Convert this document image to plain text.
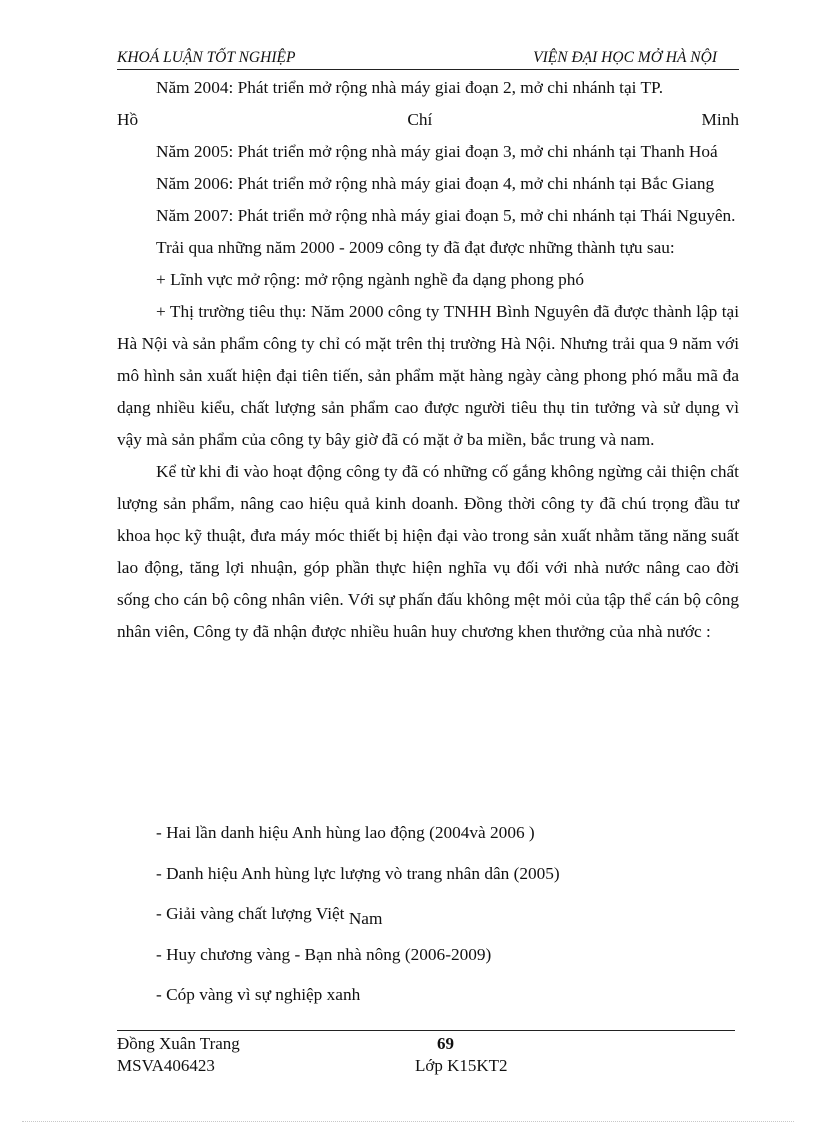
KHOÁ LUẬN TỐT NGHIỆP	VIỆN ĐẠI HỌC MỞ HÀ NỘI

Năm 2004: Phát triển mở rộng nhà máy giai đoạn 2, mở chi nhánh tại TP.

Hồ	Chí	Minh

Năm 2005: Phát triển mở rộng nhà máy giai đoạn 3, mở chi nhánh tại Thanh Hoá

Năm 2006: Phát triển mở rộng nhà máy giai đoạn 4, mở chi nhánh tại Bắc Giang

Năm 2007: Phát triển mở rộng nhà máy giai đoạn 5, mở chi nhánh tại Thái Nguyên.

Trải qua những năm 2000 - 2009 công ty đã đạt được những thành tựu sau:

+ Lĩnh vực mở rộng: mở rộng ngành nghề đa dạng phong phó

+ Thị trường tiêu thụ: Năm 2000 công ty TNHH Bình Nguyên đã được thành lập tại Hà Nội và sản phẩm công ty chỉ có mặt trên thị trường Hà Nội. Nhưng trải qua 9 năm với mô hình sản xuất hiện đại tiên tiến, sản phẩm mặt hàng ngày càng phong phó mẫu mã đa dạng nhiều kiểu, chất lượng sản phẩm cao được người tiêu thụ tin tưởng và sử dụng vì vậy mà sản phẩm của công ty bây giờ đã có mặt ở ba miền, bắc trung và nam.

Kể từ khi đi vào hoạt động công ty đã có những cố gắng không ngừng cải thiện chất lượng sản phẩm, nâng cao hiệu quả kinh doanh. Đồng thời công ty đã chú trọng đầu tư khoa học kỹ thuật, đưa máy móc thiết bị hiện đại vào trong sản xuất nhằm tăng năng suất lao động, tăng lợi nhuận, góp phần thực hiện nghĩa vụ đối với nhà nước nâng cao đời sống cho cán bộ công nhân viên. Với sự phấn đấu không mệt mỏi của tập thể cán bộ công nhân viên, Công ty đã nhận được nhiều huân huy chương khen thưởng của nhà nước :

- Hai lần danh hiệu Anh hùng lao động (2004và 2006 )

- Danh hiệu Anh hùng lực lượng vò trang nhân dân (2005)

- Giải vàng chất lượng Việt Nam

- Huy chương vàng - Bạn nhà nông (2006-2009)

- Cóp vàng vì sự nghiệp xanh

Đồng Xuân Trang
MSVA406423
69
Lớp K15KT2
